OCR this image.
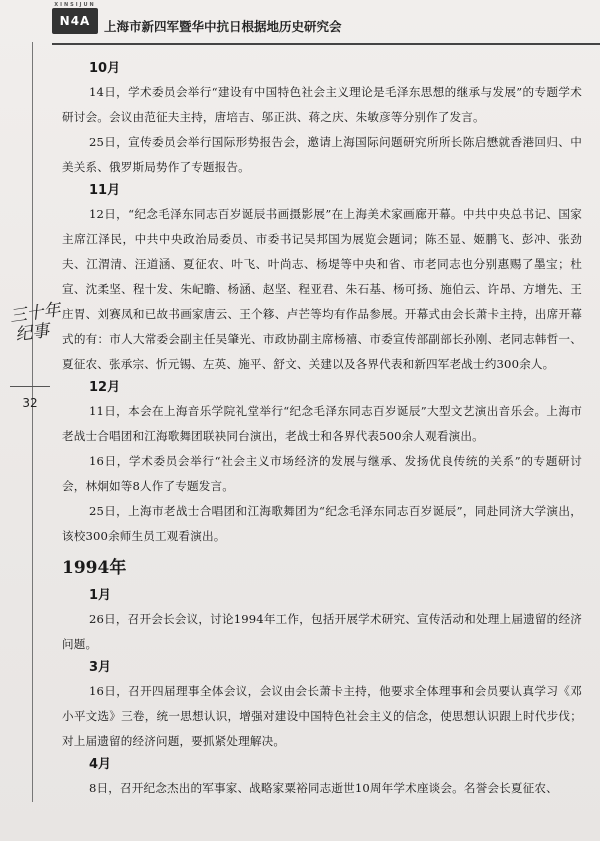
XINSIJUN
N4A	上海市新四军暨华中抗日根据地历史研究会
三十年
纪事
32
10月

14日，学术委员会举行“建设有中国特色社会主义理论是毛泽东思想的继承与发展”的专题学术研讨会。会议由范征夫主持，唐培吉、邬正洪、蒋之庆、朱敏彦等分别作了发言。

25日，宣传委员会举行国际形势报告会，邀请上海国际问题研究所所长陈启懋就香港回归、中美关系、俄罗斯局势作了专题报告。

11月

12日，“纪念毛泽东同志百岁诞辰书画摄影展”在上海美术家画廊开幕。中共中央总书记、国家主席江泽民，中共中央政治局委员、市委书记吴邦国为展览会题词；陈丕显、姬鹏飞、彭冲、张劲夫、江渭清、汪道涵、夏征农、叶飞、叶尚志、杨堤等中央和省、市老同志也分别惠赐了墨宝；杜宣、沈柔坚、程十发、朱屺瞻、杨涵、赵坚、程亚君、朱石基、杨可扬、施伯云、许昂、方增先、王庄胃、刘赛凤和已故书画家唐云、王个簃、卢芒等均有作品参展。开幕式由会长萧卡主持，出席开幕式的有：市人大常委会副主任吴肇光、市政协副主席杨禧、市委宣传部副部长孙刚、老同志韩哲一、夏征农、张承宗、忻元锡、左英、施平、舒文、关建以及各界代表和新四军老战士约300余人。

12月

11日，本会在上海音乐学院礼堂举行“纪念毛泽东同志百岁诞辰”大型文艺演出音乐会。上海市老战士合唱团和江海歌舞团联袂同台演出，老战士和各界代表500余人观看演出。

16日，学术委员会举行“社会主义市场经济的发展与继承、发扬优良传统的关系”的专题研讨会，林炯如等8人作了专题发言。

25日，上海市老战士合唱团和江海歌舞团为“纪念毛泽东同志百岁诞辰”，同赴同济大学演出，该校300余师生员工观看演出。

1994年
1月

26日，召开会长会议，讨论1994年工作，包括开展学术研究、宣传活动和处理上届遗留的经济问题。

3月

16日，召开四届理事全体会议，会议由会长萧卡主持，他要求全体理事和会员要认真学习《邓小平文选》三卷，统一思想认识，增强对建设中国特色社会主义的信念，使思想认识跟上时代步伐；对上届遗留的经济问题，要抓紧处理解决。

4月

8日，召开纪念杰出的军事家、战略家粟裕同志逝世10周年学术座谈会。名誉会长夏征农、
